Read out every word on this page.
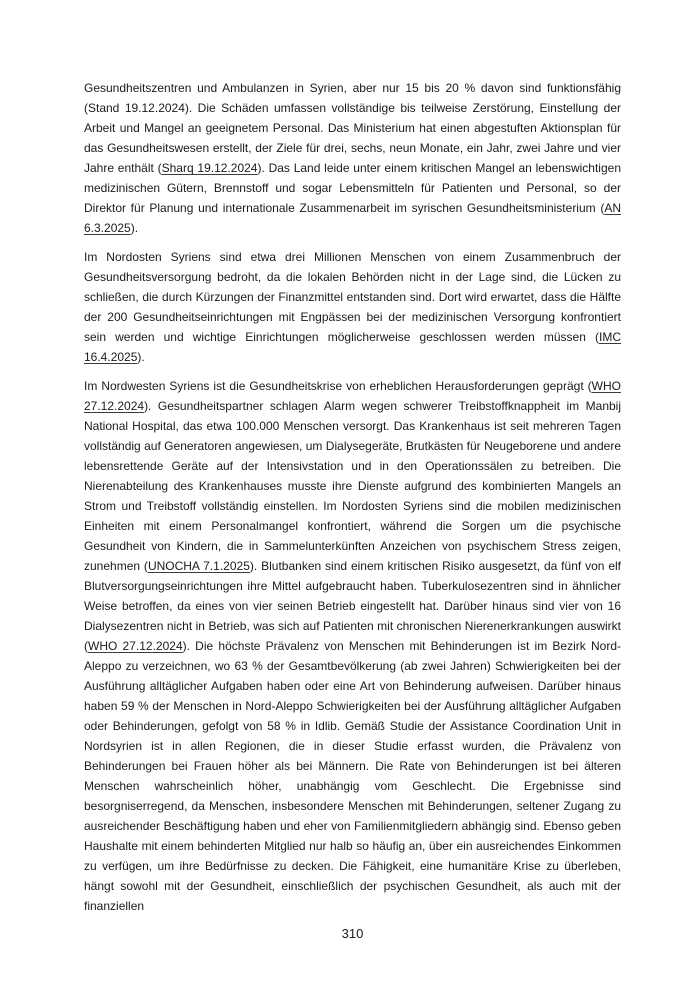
Gesundheitszentren und Ambulanzen in Syrien, aber nur 15 bis 20 % davon sind funktionsfähig (Stand 19.12.2024). Die Schäden umfassen vollständige bis teilweise Zerstörung, Einstellung der Arbeit und Mangel an geeignetem Personal. Das Ministerium hat einen abgestuften Aktionsplan für das Gesundheitswesen erstellt, der Ziele für drei, sechs, neun Monate, ein Jahr, zwei Jahre und vier Jahre enthält (Sharq 19.12.2024). Das Land leide unter einem kritischen Mangel an lebenswichtigen medizinischen Gütern, Brennstoff und sogar Lebensmitteln für Patienten und Personal, so der Direktor für Planung und internationale Zusammenarbeit im syrischen Gesundheitsministerium (AN 6.3.2025).

Im Nordosten Syriens sind etwa drei Millionen Menschen von einem Zusammenbruch der Gesundheitsversorgung bedroht, da die lokalen Behörden nicht in der Lage sind, die Lücken zu schließen, die durch Kürzungen der Finanzmittel entstanden sind. Dort wird erwartet, dass die Hälfte der 200 Gesundheitseinrichtungen mit Engpässen bei der medizinischen Versorgung konfrontiert sein werden und wichtige Einrichtungen möglicherweise geschlossen werden müssen (IMC 16.4.2025).

Im Nordwesten Syriens ist die Gesundheitskrise von erheblichen Herausforderungen geprägt (WHO 27.12.2024). Gesundheitspartner schlagen Alarm wegen schwerer Treibstoffknappheit im Manbij National Hospital, das etwa 100.000 Menschen versorgt. Das Krankenhaus ist seit mehreren Tagen vollständig auf Generatoren angewiesen, um Dialysegeräte, Brutkästen für Neugeborene und andere lebensrettende Geräte auf der Intensivstation und in den Operationssälen zu betreiben. Die Nierenabteilung des Krankenhauses musste ihre Dienste aufgrund des kombinierten Mangels an Strom und Treibstoff vollständig einstellen. Im Nordosten Syriens sind die mobilen medizinischen Einheiten mit einem Personalmangel konfrontiert, während die Sorgen um die psychische Gesundheit von Kindern, die in Sammelunterkünften Anzeichen von psychischem Stress zeigen, zunehmen (UNOCHA 7.1.2025). Blutbanken sind einem kritischen Risiko ausgesetzt, da fünf von elf Blutversorgungseinrichtungen ihre Mittel aufgebraucht haben. Tuberkulosezentren sind in ähnlicher Weise betroffen, da eines von vier seinen Betrieb eingestellt hat. Darüber hinaus sind vier von 16 Dialysezentren nicht in Betrieb, was sich auf Patienten mit chronischen Nierenerkrankungen auswirkt (WHO 27.12.2024). Die höchste Prävalenz von Menschen mit Behinderungen ist im Bezirk Nord-Aleppo zu verzeichnen, wo 63 % der Gesamtbevölkerung (ab zwei Jahren) Schwierigkeiten bei der Ausführung alltäglicher Aufgaben haben oder eine Art von Behinderung aufweisen. Darüber hinaus haben 59 % der Menschen in Nord-Aleppo Schwierigkeiten bei der Ausführung alltäglicher Aufgaben oder Behinderungen, gefolgt von 58 % in Idlib. Gemäß Studie der Assistance Coordination Unit in Nordsyrien ist in allen Regionen, die in dieser Studie erfasst wurden, die Prävalenz von Behinderungen bei Frauen höher als bei Männern. Die Rate von Behinderungen ist bei älteren Menschen wahrscheinlich höher, unabhängig vom Geschlecht. Die Ergebnisse sind besorgniserregend, da Menschen, insbesondere Menschen mit Behinderungen, seltener Zugang zu ausreichender Beschäftigung haben und eher von Familienmitgliedern abhängig sind. Ebenso geben Haushalte mit einem behinderten Mitglied nur halb so häufig an, über ein ausreichendes Einkommen zu verfügen, um ihre Bedürfnisse zu decken. Die Fähigkeit, eine humanitäre Krise zu überleben, hängt sowohl mit der Gesundheit, einschließlich der psychischen Gesundheit, als auch mit der finanziellen

310
